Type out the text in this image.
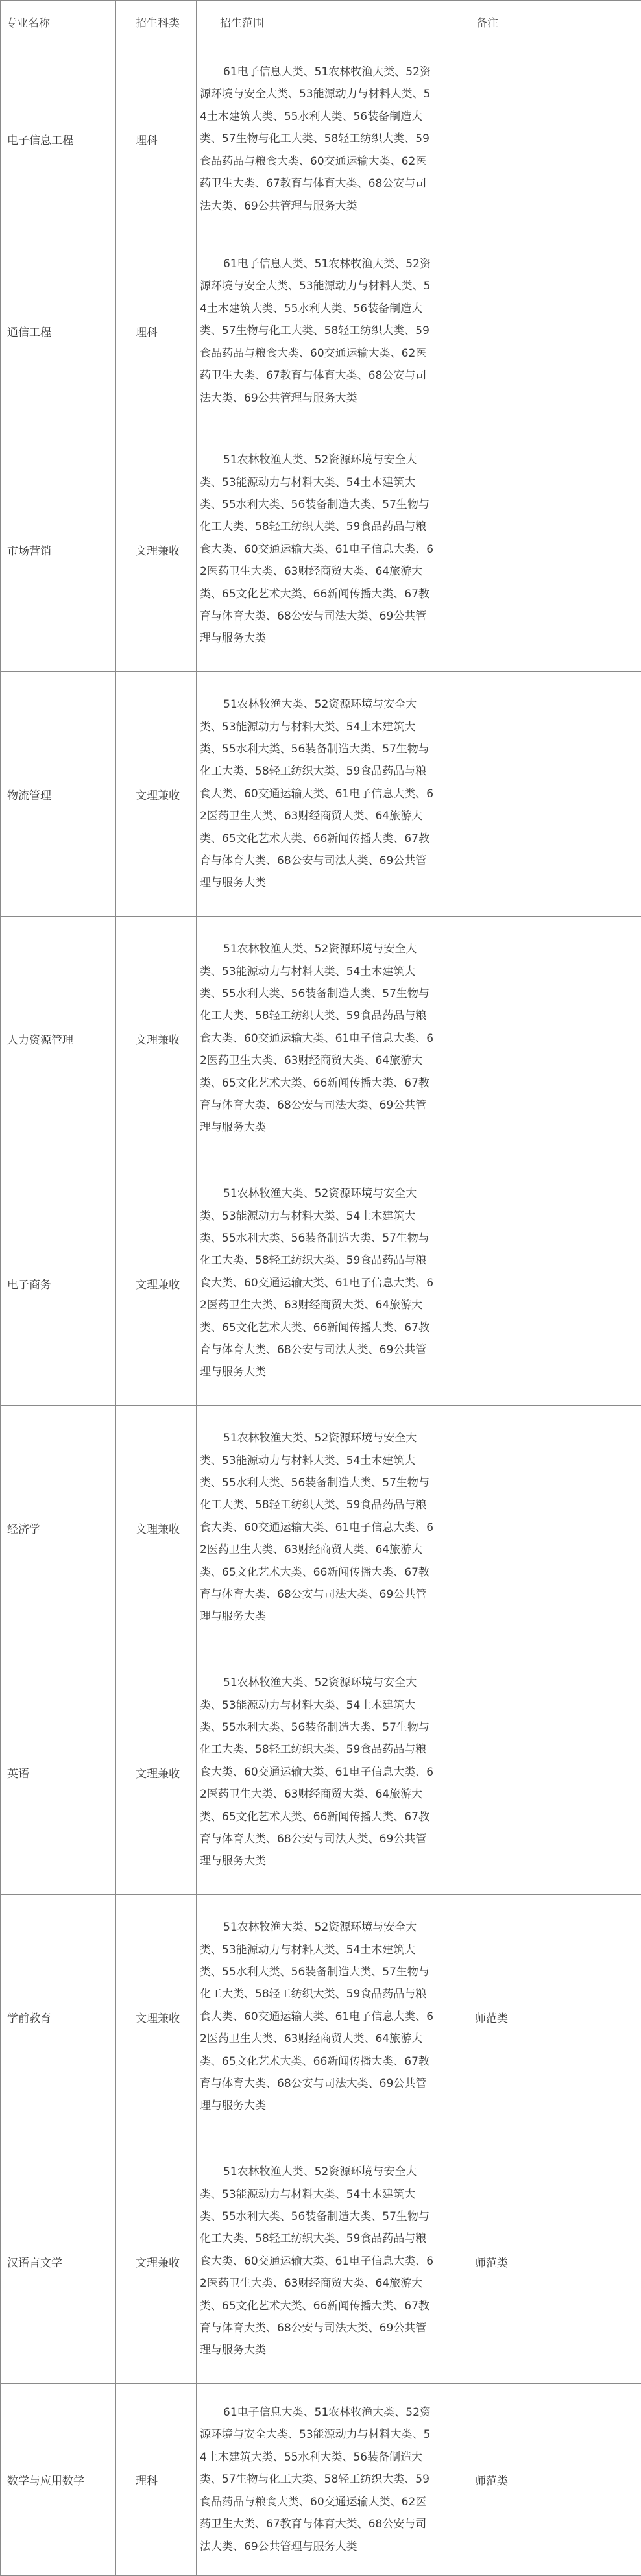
专业名称	招生科类	招生范围	备注
电子信息工程	理科	61电子信息大类、51农林牧渔大类、52资源环境与安全大类、53能源动力与材料大类、54土木建筑大类、55水利大类、56装备制造大类、57生物与化工大类、58轻工纺织大类、59食品药品与粮食大类、60交通运输大类、62医药卫生大类、67教育与体育大类、68公安与司法大类、69公共管理与服务大类	
通信工程	理科	61电子信息大类、51农林牧渔大类、52资源环境与安全大类、53能源动力与材料大类、54土木建筑大类、55水利大类、56装备制造大类、57生物与化工大类、58轻工纺织大类、59食品药品与粮食大类、60交通运输大类、62医药卫生大类、67教育与体育大类、68公安与司法大类、69公共管理与服务大类	
市场营销	文理兼收	51农林牧渔大类、52资源环境与安全大类、53能源动力与材料大类、54土木建筑大类、55水利大类、56装备制造大类、57生物与化工大类、58轻工纺织大类、59食品药品与粮食大类、60交通运输大类、61电子信息大类、62医药卫生大类、63财经商贸大类、64旅游大类、65文化艺术大类、66新闻传播大类、67教育与体育大类、68公安与司法大类、69公共管理与服务大类	
物流管理	文理兼收	51农林牧渔大类、52资源环境与安全大类、53能源动力与材料大类、54土木建筑大类、55水利大类、56装备制造大类、57生物与化工大类、58轻工纺织大类、59食品药品与粮食大类、60交通运输大类、61电子信息大类、62医药卫生大类、63财经商贸大类、64旅游大类、65文化艺术大类、66新闻传播大类、67教育与体育大类、68公安与司法大类、69公共管理与服务大类	
人力资源管理	文理兼收	51农林牧渔大类、52资源环境与安全大类、53能源动力与材料大类、54土木建筑大类、55水利大类、56装备制造大类、57生物与化工大类、58轻工纺织大类、59食品药品与粮食大类、60交通运输大类、61电子信息大类、62医药卫生大类、63财经商贸大类、64旅游大类、65文化艺术大类、66新闻传播大类、67教育与体育大类、68公安与司法大类、69公共管理与服务大类	
电子商务	文理兼收	51农林牧渔大类、52资源环境与安全大类、53能源动力与材料大类、54土木建筑大类、55水利大类、56装备制造大类、57生物与化工大类、58轻工纺织大类、59食品药品与粮食大类、60交通运输大类、61电子信息大类、62医药卫生大类、63财经商贸大类、64旅游大类、65文化艺术大类、66新闻传播大类、67教育与体育大类、68公安与司法大类、69公共管理与服务大类	
经济学	文理兼收	51农林牧渔大类、52资源环境与安全大类、53能源动力与材料大类、54土木建筑大类、55水利大类、56装备制造大类、57生物与化工大类、58轻工纺织大类、59食品药品与粮食大类、60交通运输大类、61电子信息大类、62医药卫生大类、63财经商贸大类、64旅游大类、65文化艺术大类、66新闻传播大类、67教育与体育大类、68公安与司法大类、69公共管理与服务大类	
英语	文理兼收	51农林牧渔大类、52资源环境与安全大类、53能源动力与材料大类、54土木建筑大类、55水利大类、56装备制造大类、57生物与化工大类、58轻工纺织大类、59食品药品与粮食大类、60交通运输大类、61电子信息大类、62医药卫生大类、63财经商贸大类、64旅游大类、65文化艺术大类、66新闻传播大类、67教育与体育大类、68公安与司法大类、69公共管理与服务大类	
学前教育	文理兼收	51农林牧渔大类、52资源环境与安全大类、53能源动力与材料大类、54土木建筑大类、55水利大类、56装备制造大类、57生物与化工大类、58轻工纺织大类、59食品药品与粮食大类、60交通运输大类、61电子信息大类、62医药卫生大类、63财经商贸大类、64旅游大类、65文化艺术大类、66新闻传播大类、67教育与体育大类、68公安与司法大类、69公共管理与服务大类	师范类
汉语言文学	文理兼收	51农林牧渔大类、52资源环境与安全大类、53能源动力与材料大类、54土木建筑大类、55水利大类、56装备制造大类、57生物与化工大类、58轻工纺织大类、59食品药品与粮食大类、60交通运输大类、61电子信息大类、62医药卫生大类、63财经商贸大类、64旅游大类、65文化艺术大类、66新闻传播大类、67教育与体育大类、68公安与司法大类、69公共管理与服务大类	师范类
数学与应用数学	理科	61电子信息大类、51农林牧渔大类、52资源环境与安全大类、53能源动力与材料大类、54土木建筑大类、55水利大类、56装备制造大类、57生物与化工大类、58轻工纺织大类、59食品药品与粮食大类、60交通运输大类、62医药卫生大类、67教育与体育大类、68公安与司法大类、69公共管理与服务大类	师范类
